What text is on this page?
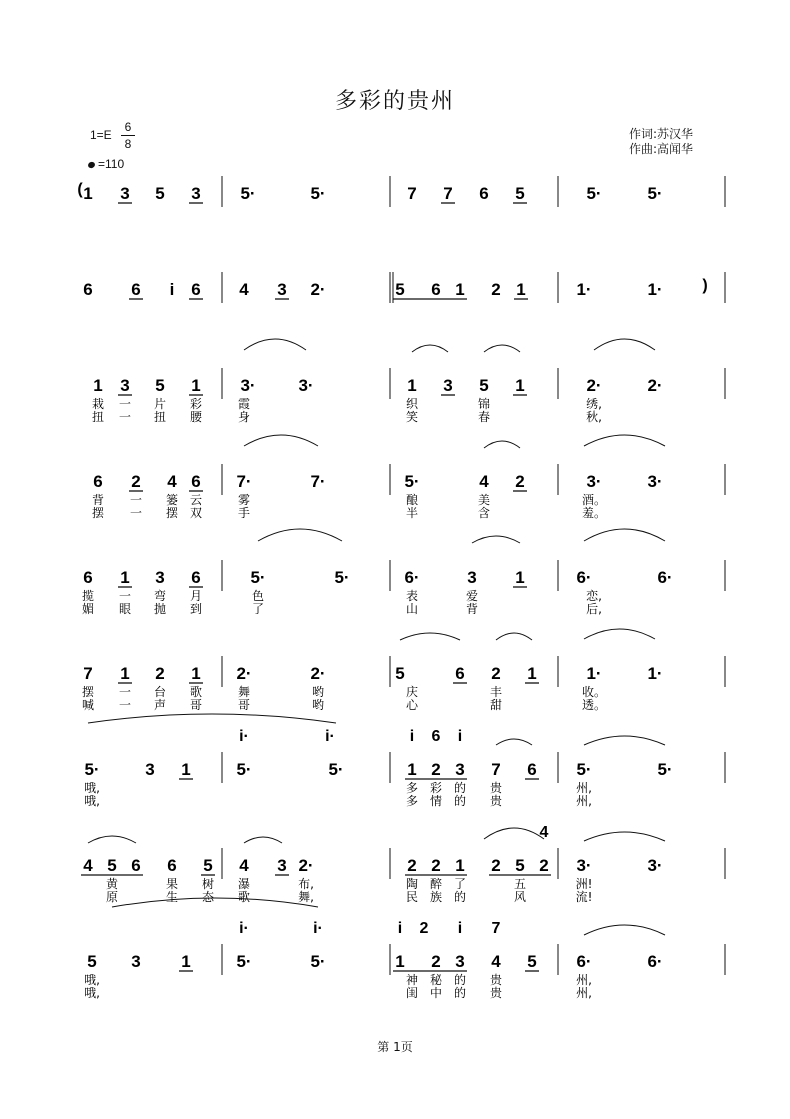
多彩的贵州
1=E
6
8
=110
作词:苏汉华
作曲:高闻华
( 1 3 5 3 5·	5·	7 7 6 5	5·	5·
)
6 6 i 6 4 3 2·	5 6 1 2 1	1·	1·
1 3 5 1 3·	3·	1 3 5 1	2·	2·
栽 一 片 彩	霞	织	锦	绣,
扭 一 扭 腰	身	笑	春	秋,
6 2 4 6 7·	7·	5·	4 2	3·	3·
背 一 篓 云	雾	酿	美	酒。
摆 一 摆 双	手	半	含	羞。
6 1 3 6	5·	5·	6·	3 1	6·	6·
揽 一 弯 月	色	表	爱	恋,
媚 眼 抛 到	了	山	背	后,
7 1 2 1 2·	2·	5	6 2 1	1·	1·
摆 一 台 歌	舞	哟	庆	丰	收。
喊 一 声 哥	哥	哟	心	甜	透。
5·	3 1	5·	5·	1 2 3 7 6 5·	5·
i·	i·	i 6 i
哦,	多 彩 的 贵	州,
哦,	多 情 的 贵	州,
4 5 6 6 5 4 3 2·	2 2 1 2 5 2 3·	3·
4
黄	果 树 瀑	布,	陶 醉 了	五	洲!
原	生 态 歌	舞,	民 族 的	风	流!
5 3 1	5·	5·	1 2 3 4 5 6·	6·
i·	i·	i 2 i 7
哦,	神 秘 的 贵	州,
哦,	闺 中 的 贵	州,
第 1页
